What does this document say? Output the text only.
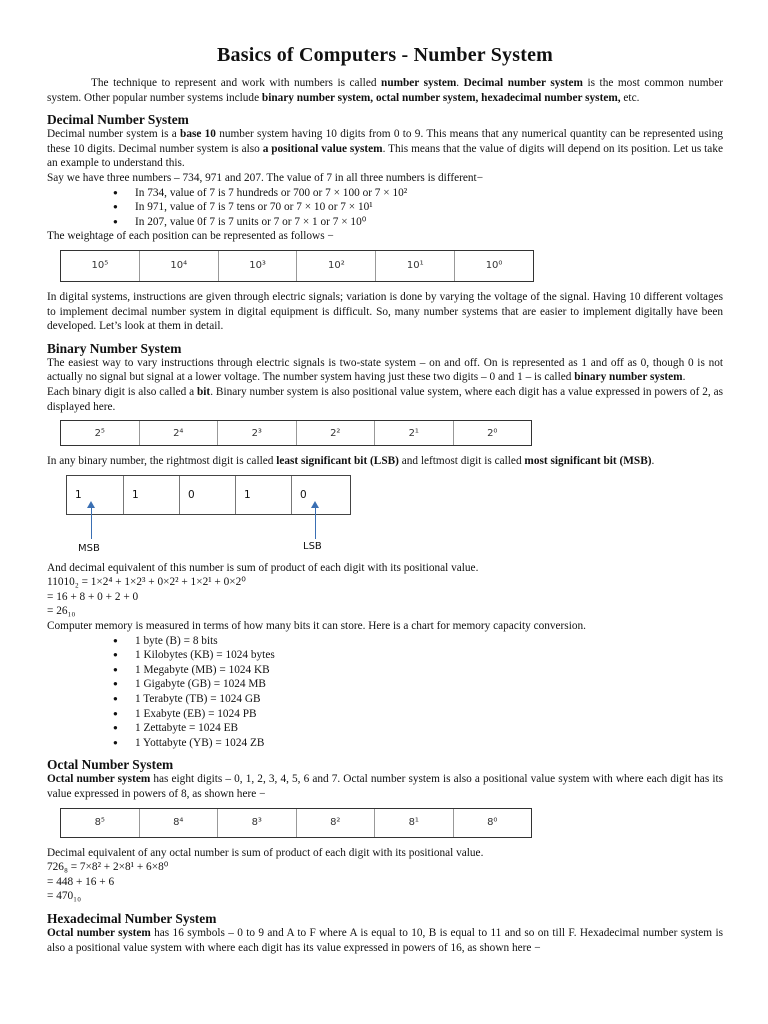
Basics of Computers - Number System

The technique to represent and work with numbers is called number system. Decimal number system is the most common number system. Other popular number systems include binary number system, octal number system, hexadecimal number system, etc.

Decimal Number System

Decimal number system is a base 10 number system having 10 digits from 0 to 9. This means that any numerical quantity can be represented using these 10 digits. Decimal number system is also a positional value system. This means that the value of digits will depend on its position. Let us take an example to understand this.

Say we have three numbers – 734, 971 and 207. The value of 7 in all three numbers is different−

● In 734, value of 7 is 7 hundreds or 700 or 7 × 100 or 7 × 10²
● In 971, value of 7 is 7 tens or 70 or 7 × 10 or 7 × 10¹
● In 207, value 0f 7 is 7 units or 7 or 7 × 1 or 7 × 10⁰

The weightage of each position can be represented as follows −

10⁵	10⁴	10³	10²	10¹	10⁰

In digital systems, instructions are given through electric signals; variation is done by varying the voltage of the signal. Having 10 different voltages to implement decimal number system in digital equipment is difficult. So, many number systems that are easier to implement digitally have been developed. Let’s look at them in detail.

Binary Number System

The easiest way to vary instructions through electric signals is two-state system – on and off. On is represented as 1 and off as 0, though 0 is not actually no signal but signal at a lower voltage. The number system having just these two digits – 0 and 1 – is called binary number system.

Each binary digit is also called a bit. Binary number system is also positional value system, where each digit has a value expressed in powers of 2, as displayed here.

2⁵	2⁴	2³	2²	2¹	2⁰

In any binary number, the rightmost digit is called least significant bit (LSB) and leftmost digit is called most significant bit (MSB).

1	1	0	1	0
MSB	LSB

And decimal equivalent of this number is sum of product of each digit with its positional value.

11010₂ = 1×2⁴ + 1×2³ + 0×2² + 1×2¹ + 0×2⁰

= 16 + 8 + 0 + 2 + 0

= 26₁₀

Computer memory is measured in terms of how many bits it can store. Here is a chart for memory capacity conversion.

● 1 byte (B) = 8 bits
● 1 Kilobytes (KB) = 1024 bytes
● 1 Megabyte (MB) = 1024 KB
● 1 Gigabyte (GB) = 1024 MB
● 1 Terabyte (TB) = 1024 GB
● 1 Exabyte (EB) = 1024 PB
● 1 Zettabyte = 1024 EB
● 1 Yottabyte (YB) = 1024 ZB
Octal Number System

Octal number system has eight digits – 0, 1, 2, 3, 4, 5, 6 and 7. Octal number system is also a positional value system with where each digit has its value expressed in powers of 8, as shown here −

8⁵	8⁴	8³	8²	8¹	8⁰

Decimal equivalent of any octal number is sum of product of each digit with its positional value.

726₈ = 7×8² + 2×8¹ + 6×8⁰

= 448 + 16 + 6

= 470₁₀

Hexadecimal Number System

Octal number system has 16 symbols – 0 to 9 and A to F where A is equal to 10, B is equal to 11 and so on till F. Hexadecimal number system is also a positional value system with where each digit has its value expressed in powers of 16, as shown here −
